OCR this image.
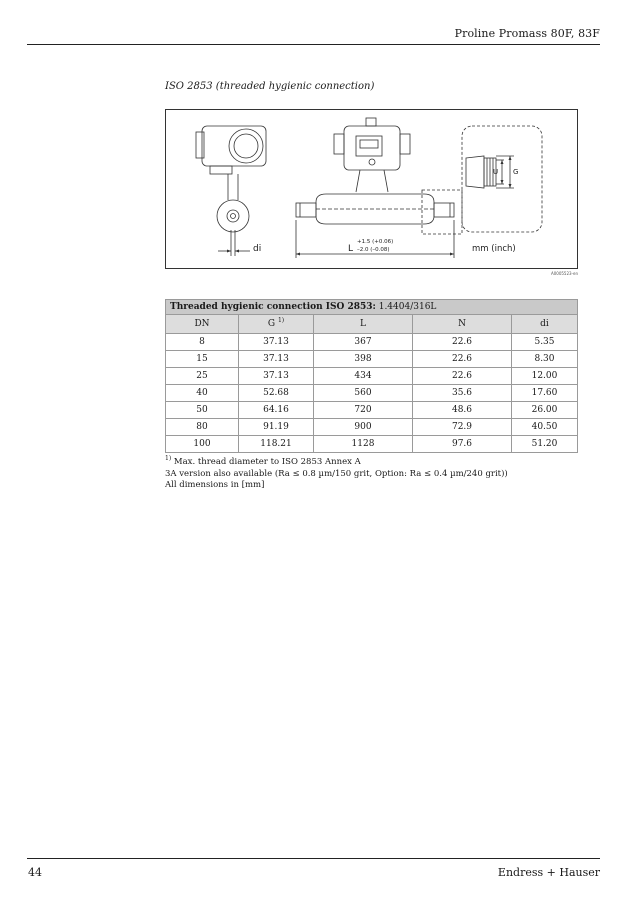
Proline Promass 80F, 83F
ISO 2853 (threaded hygienic connection)
di	L
+1.5 (+0.06)
–2.0 (–0.08)	mm (inch)
U G
A0005523-en
Threaded hygienic connection ISO 2853: 1.4404/316L				
DN	G $^{1)}$	L	N	di
8	37.13	367	22.6	5.35
15	37.13	398	22.6	8.30
25	37.13	434	22.6	12.00
40	52.68	560	35.6	17.60
50	64.16	720	48.6	26.00
80	91.19	900	72.9	40.50
100	118.21	1128	97.6	51.20
$^{1)}$ Max. thread diameter to ISO 2853 Annex A
3A version also available (Ra ≤ 0.8 µm/150 grit, Option: Ra ≤ 0.4 µm/240 grit))
All dimensions in [mm]
44	Endress + Hauser
